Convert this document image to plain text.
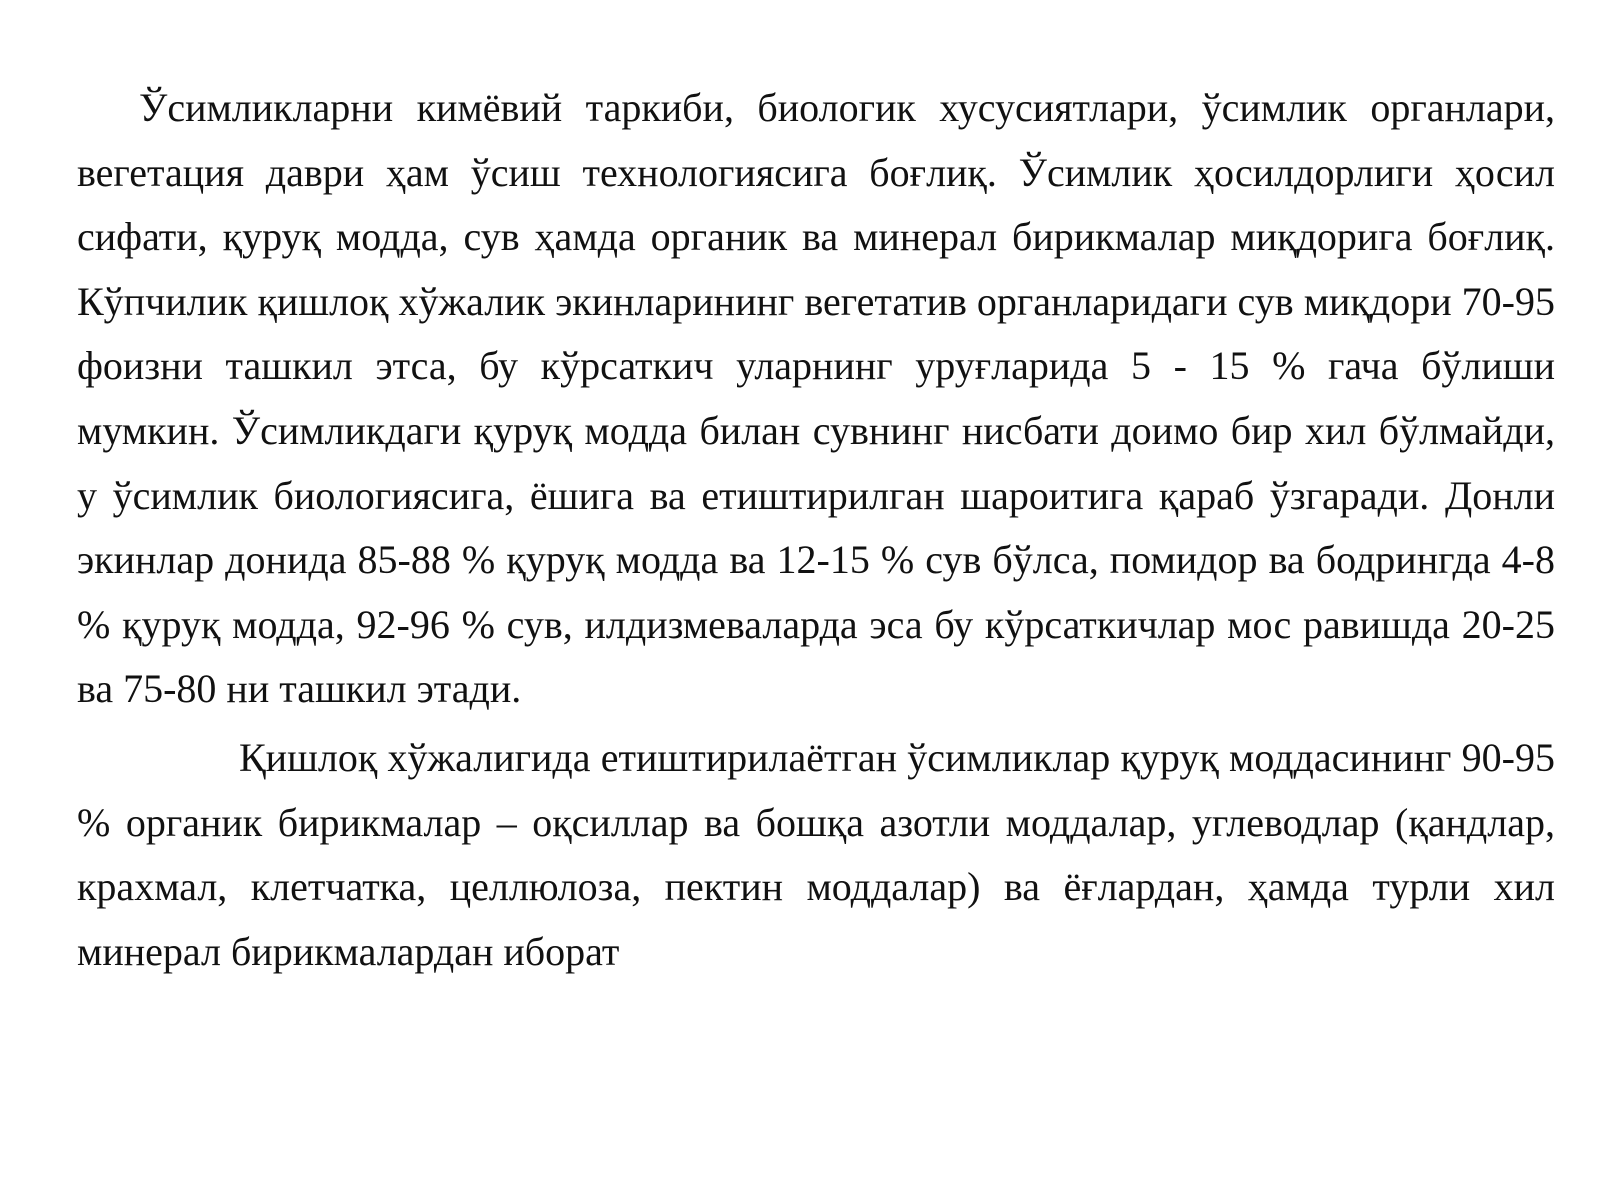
Ўсимликларни кимёвий таркиби, биологик хусусиятлари, ўсимлик органлари, вегетация даври ҳам ўсиш технологиясига боғлиқ. Ўсимлик ҳосилдорлиги ҳосил сифати, қуруқ модда, сув ҳамда органик ва минерал бирикмалар миқдорига боғлиқ. Кўпчилик қишлоқ хўжалик экинларининг вегетатив органларидаги сув миқдори 70-95 фоизни ташкил этса, бу кўрсаткич уларнинг уруғларида 5 - 15 % гача бўлиши мумкин. Ўсимликдаги қуруқ модда билан сувнинг нисбати доимо бир хил бўлмайди, у ўсимлик биологиясига, ёшига ва етиштирилган шароитига қараб ўзгаради. Донли экинлар донида 85-88 % қуруқ модда ва 12-15 % сув бўлса, помидор ва бодрингда 4-8 % қуруқ модда, 92-96 % сув, илдизмеваларда эса бу кўрсаткичлар мос равишда 20-25 ва 75-80 ни ташкил этади.

Қишлоқ хўжалигида етиштирилаётган ўсимликлар қуруқ моддасининг 90-95 % органик бирикмалар – оқсиллар ва бошқа азотли моддалар, углеводлар (қандлар, крахмал, клетчатка, целлюлоза, пектин моддалар) ва ёғлардан, ҳамда турли хил минерал бирикмалардан иборат
